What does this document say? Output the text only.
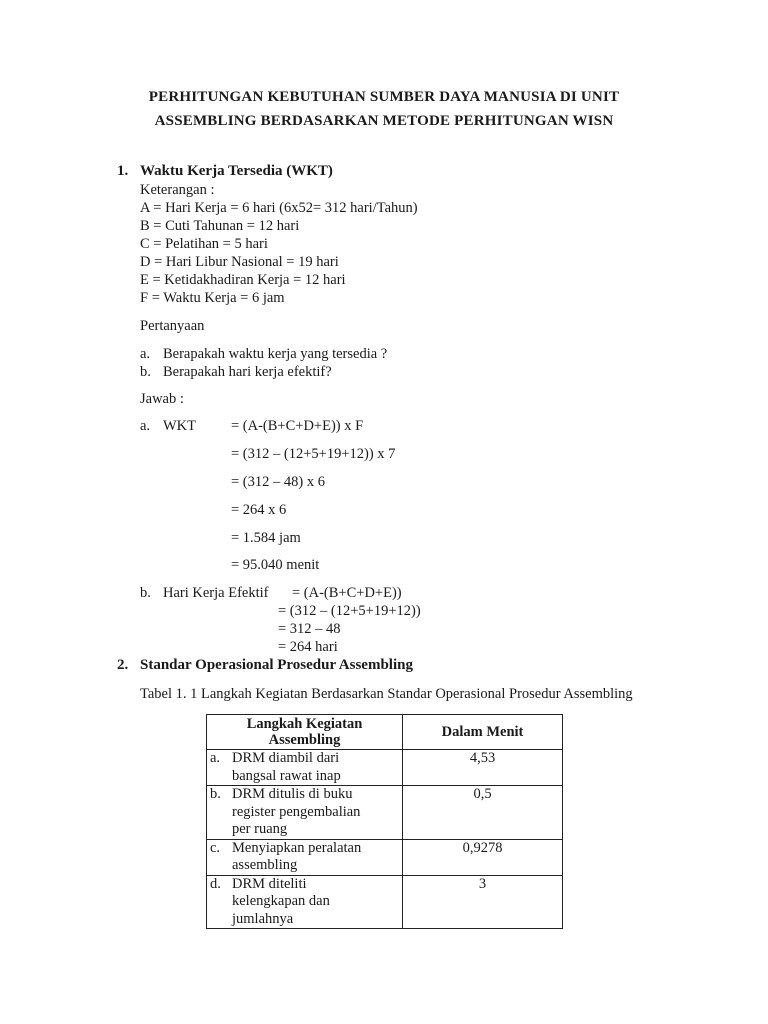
PERHITUNGAN KEBUTUHAN SUMBER DAYA MANUSIA DI UNIT
ASSEMBLING BERDASARKAN METODE PERHITUNGAN WISN
1. Waktu Kerja Tersedia (WKT)
Keterangan :
A = Hari Kerja = 6 hari (6x52= 312 hari/Tahun)
B = Cuti Tahunan = 12 hari
C = Pelatihan = 5 hari
D = Hari Libur Nasional = 19 hari
E = Ketidakhadiran Kerja = 12 hari
F = Waktu Kerja = 6 jam
Pertanyaan
a. Berapakah waktu kerja yang tersedia ?
b. Berapakah hari kerja efektif?
Jawab :
a. WKT = (A-(B+C+D+E)) x F
= (312 – (12+5+19+12)) x 7
= (312 – 48) x 6
= 264 x 6
= 1.584 jam
= 95.040 menit
b. Hari Kerja Efektif = (A-(B+C+D+E))
= (312 – (12+5+19+12))
= 312 – 48
= 264 hari
2. Standar Operasional Prosedur Assembling
Tabel 1. 1 Langkah Kegiatan Berdasarkan Standar Operasional Prosedur Assembling
Langkah Kegiatan
Assembling	Dalam Menit
a. DRM diambil dari bangsal rawat inap	4,53
b. DRM ditulis di buku register pengembalian per ruang	0,5
c. Menyiapkan peralatan assembling	0,9278
d. DRM diteliti kelengkapan dan jumlahnya	3
